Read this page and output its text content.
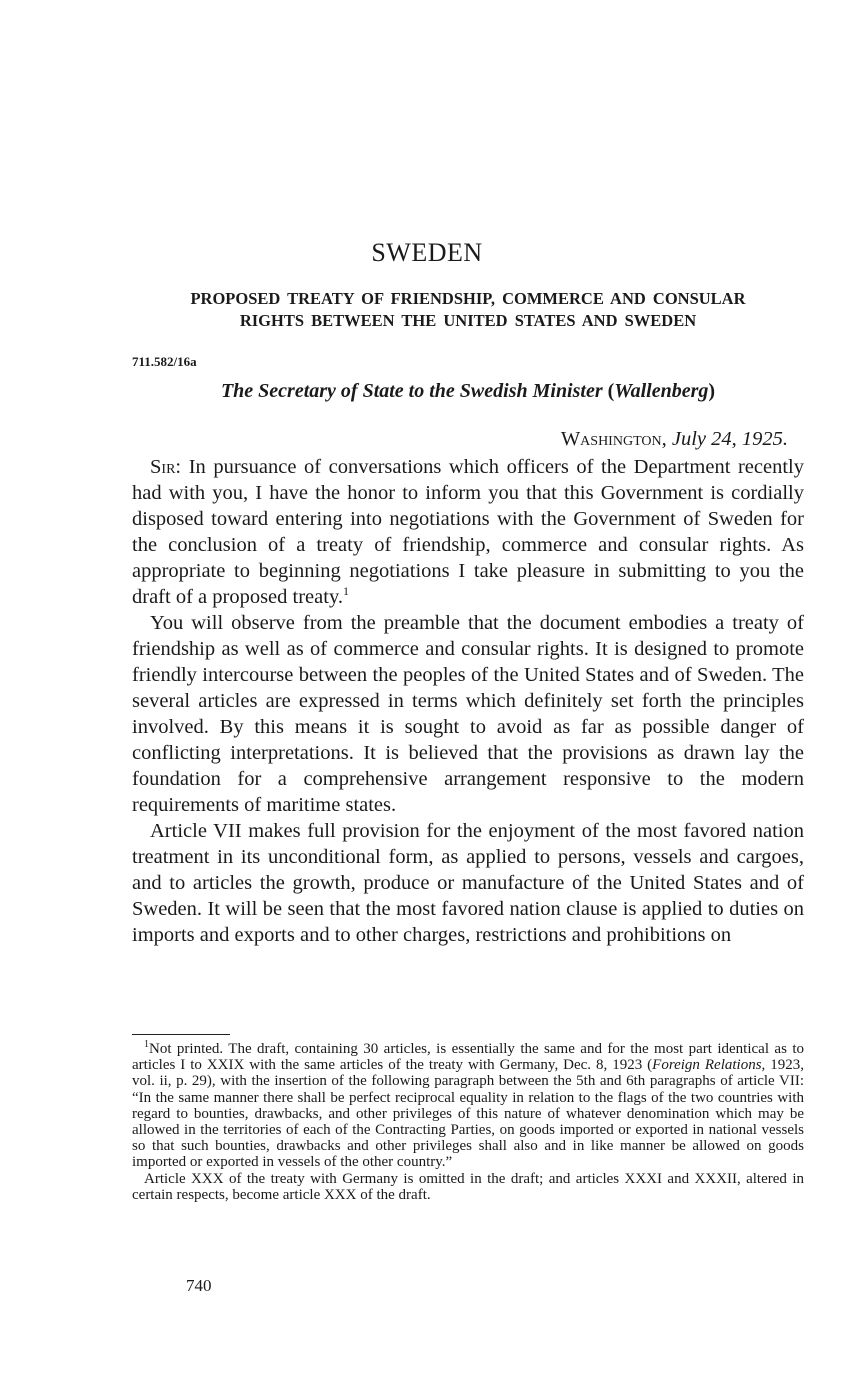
SWEDEN
PROPOSED TREATY OF FRIENDSHIP, COMMERCE AND CONSULAR
RIGHTS BETWEEN THE UNITED STATES AND SWEDEN
711.582/16a
The Secretary of State to the Swedish Minister (Wallenberg)
Washington, July 24, 1925.

Sir: In pursuance of conversations which officers of the Department recently had with you, I have the honor to inform you that this Government is cordially disposed toward entering into negotiations with the Government of Sweden for the conclusion of a treaty of friendship, commerce and consular rights. As appropriate to beginning negotiations I take pleasure in submitting to you the draft of a proposed treaty.$^1$

You will observe from the preamble that the document embodies a treaty of friendship as well as of commerce and consular rights. It is designed to promote friendly intercourse between the peoples of the United States and of Sweden. The several articles are expressed in terms which definitely set forth the principles involved. By this means it is sought to avoid as far as possible danger of conflicting interpretations. It is believed that the provisions as drawn lay the foundation for a comprehensive arrangement responsive to the modern requirements of maritime states.

Article VII makes full provision for the enjoyment of the most favored nation treatment in its unconditional form, as applied to persons, vessels and cargoes, and to articles the growth, produce or manufacture of the United States and of Sweden. It will be seen that the most favored nation clause is applied to duties on imports and exports and to other charges, restrictions and prohibitions on

$^1$Not printed. The draft, containing 30 articles, is essentially the same and for the most part identical as to articles I to XXIX with the same articles of the treaty with Germany, Dec. 8, 1923 (Foreign Relations, 1923, vol. ii, p. 29), with the insertion of the following paragraph between the 5th and 6th paragraphs of article VII: “In the same manner there shall be perfect reciprocal equality in relation to the flags of the two countries with regard to bounties, drawbacks, and other privileges of this nature of whatever denomination which may be allowed in the territories of each of the Contracting Parties, on goods imported or exported in national vessels so that such bounties, drawbacks and other privileges shall also and in like manner be allowed on goods imported or exported in vessels of the other country.”

Article XXX of the treaty with Germany is omitted in the draft; and articles XXXI and XXXII, altered in certain respects, become article XXX of the draft.

740
